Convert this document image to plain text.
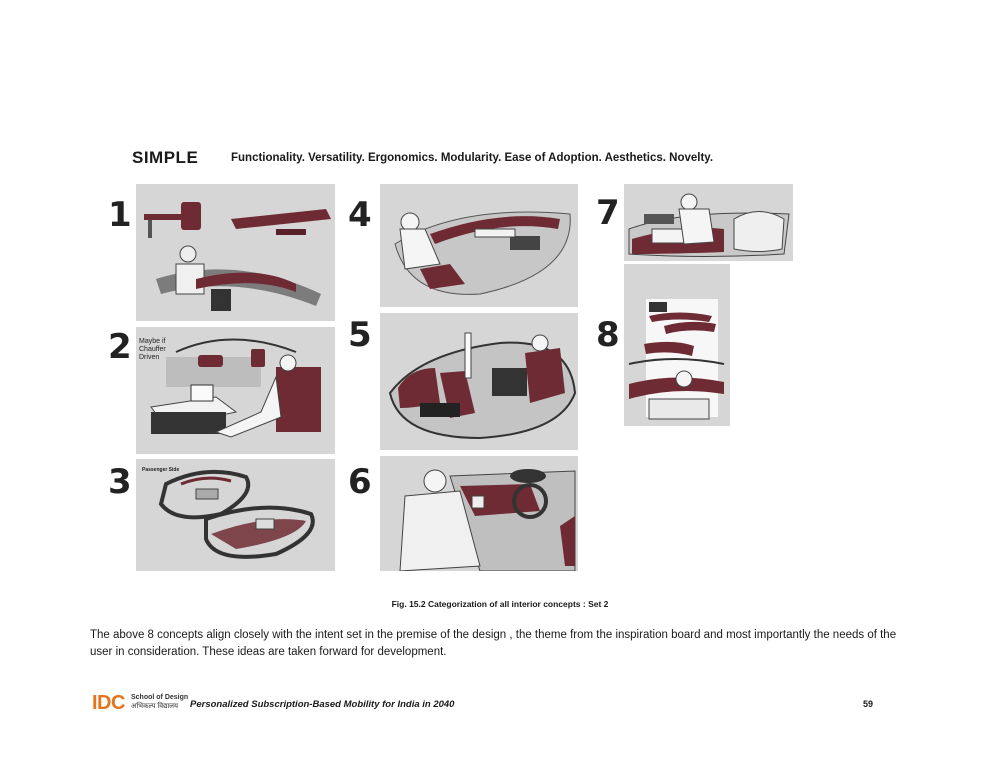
SIMPLE	Functionality. Versatility. Ergonomics. Modularity. Ease of Adoption. Aesthetics. Novelty.
1
2
3
4
5
6
7
8
Maybe if Chauffer Driven
Passenger Side
Fig. 15.2 Categorization of all interior concepts : Set 2
The above 8 concepts align closely with the intent set in the premise of the design , the theme from the inspiration board and most importantly the needs of the user in consideration. These ideas are taken forward for development.
IDC School of Design
अभिकल्प विद्यालय Personalized Subscription-Based Mobility for India in 2040	59
